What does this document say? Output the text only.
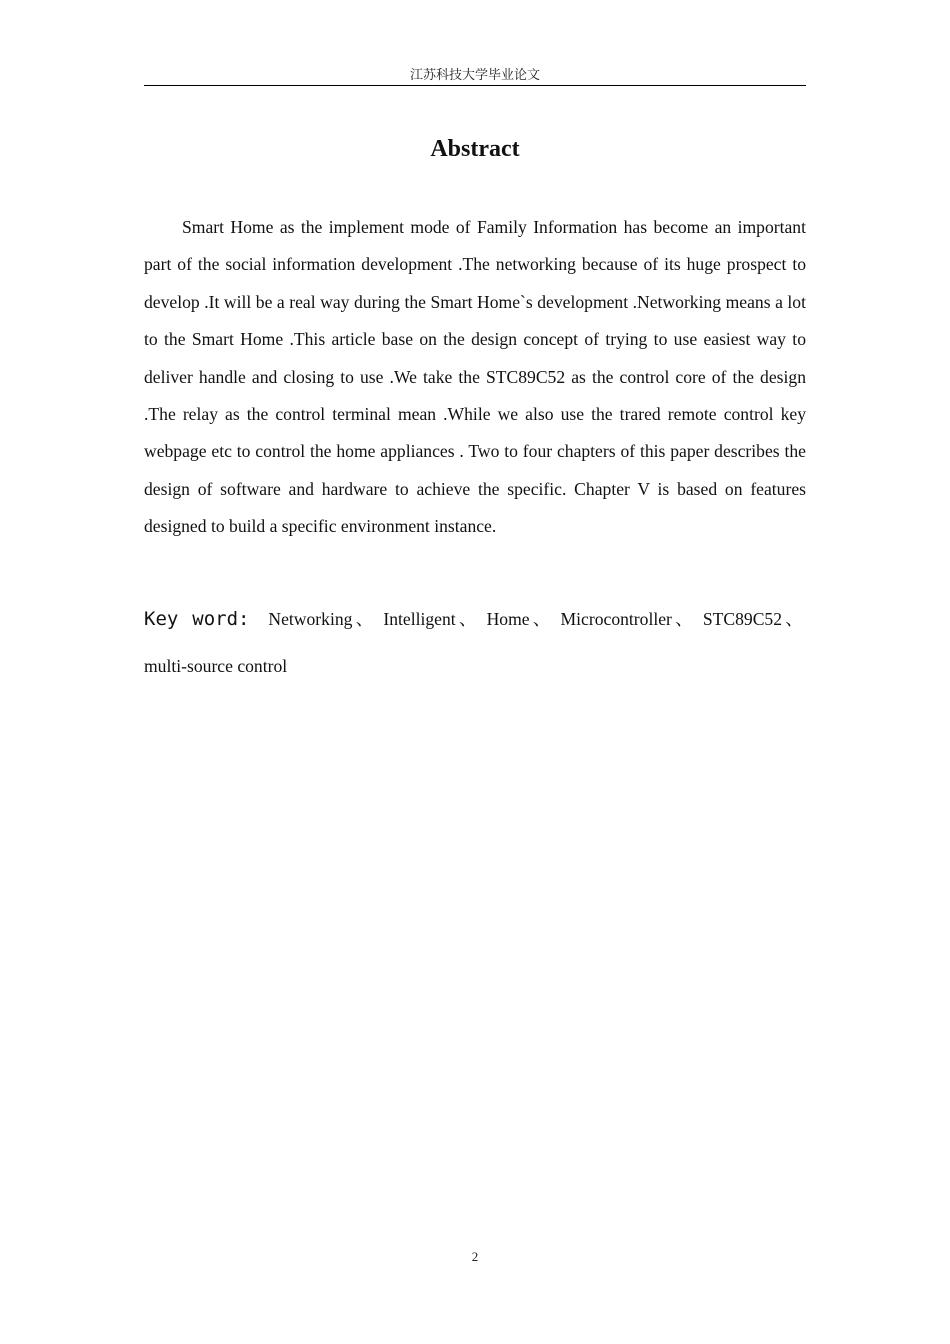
江苏科技大学毕业论文
Abstract

Smart Home as the implement mode of Family Information has become an important part of the social information development .The networking because of its huge prospect to develop .It will be a real way during the Smart Home`s development .Networking means a lot to the Smart Home .This article base on the design concept of trying to use easiest way to deliver handle and closing to use .We take the STC89C52 as the control core of the design .The relay as the control terminal mean .While we also use the trared remote control key webpage etc to control the home appliances . Two to four chapters of this paper describes the design of software and hardware to achieve the specific. Chapter V is based on features designed to build a specific environment instance.

Key word: Networking 、 Intelligent 、 Home 、 Microcontroller 、 STC89C52 、 multi-source control

2
